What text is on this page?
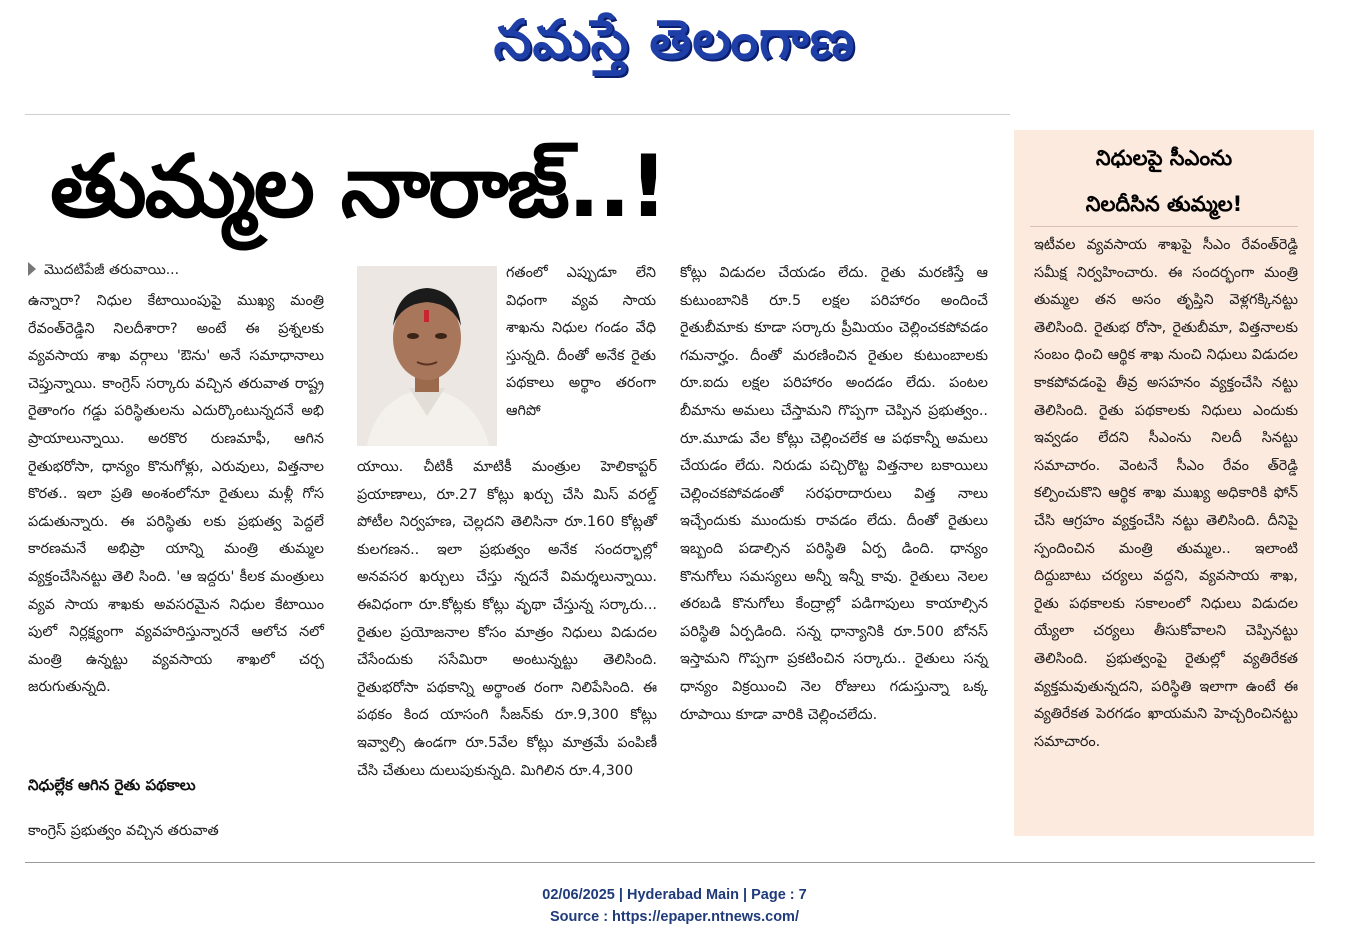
నమస్తే తెలంగాణ
తుమ్మల నారాజ్‌..!
మొదటిపేజీ తరువాయి...

ఉన్నారా? నిధుల కేటాయింపుపై ముఖ్య మంత్రి రేవంత్‌రెడ్డిని నిలదీశారా? అంటే ఈ ప్రశ్నలకు వ్యవసాయ శాఖ వర్గాలు 'ఔను' అనే సమాధానాలు చెప్తున్నాయి. కాంగ్రెస్‌ సర్కారు వచ్చిన తరువాత రాష్ట్ర రైతాంగం గడ్డు పరిస్థితులను ఎదుర్కొంటున్నదనే అభి ప్రాయాలున్నాయి. అరకొర రుణమాఫీ, ఆగిన రైతుభరోసా, ధాన్యం కొనుగోళ్లు, ఎరువులు, విత్తనాల కొరత.. ఇలా ప్రతి అంశంలోనూ రైతులు మళ్లీ గోస పడుతున్నారు. ఈ పరిస్థితు లకు ప్రభుత్వ పెద్దలే కారణమనే అభిప్రా యాన్ని మంత్రి తుమ్మల వ్యక్తంచేసినట్టు తెలి సింది. 'ఆ ఇద్దరు' కీలక మంత్రులు వ్యవ సాయ శాఖకు అవసరమైన నిధుల కేటాయిం పులో నిర్లక్ష్యంగా వ్యవహరిస్తున్నారనే ఆలోచ నలో మంత్రి ఉన్నట్టు వ్యవసాయ శాఖలో చర్చ జరుగుతున్నది.

నిధుల్లేక ఆగిన రైతు పథకాలు

కాంగ్రెస్‌ ప్రభుత్వం వచ్చిన తరువాత

గతంలో ఎప్పుడూ లేని విధంగా వ్యవ సాయ శాఖను నిధుల గండం వేధి స్తున్నది. దీంతో అనేక రైతు పథకాలు అర్థాం తరంగా ఆగిపో

యాయి. చీటికీ మాటికీ మంత్రుల హెలికాప్టర్‌ ప్రయాణాలు, రూ.27 కోట్లు ఖర్చు చేసి మిస్‌ వరల్డ్‌ పోటీల నిర్వహణ, చెల్లదని తెలిసినా రూ.160 కోట్లతో కులగణన.. ఇలా ప్రభుత్వం అనేక సందర్భాల్లో అనవసర ఖర్చులు చేస్తు న్నదనే విమర్శలున్నాయి. ఈవిధంగా రూ.కోట్లకు కోట్లు వృథా చేస్తున్న సర్కారు... రైతుల ప్రయోజనాల కోసం మాత్రం నిధులు విడుదల చేసేందుకు ససేమిరా అంటున్నట్టు తెలిసింది. రైతుభరోసా పథకాన్ని అర్థాంత రంగా నిలిపేసింది. ఈ పథకం కింద యాసంగి సీజన్‌కు రూ.9,300 కోట్లు ఇవ్వాల్సి ఉండగా రూ.5వేల కోట్లు మాత్రమే పంపిణీ చేసి చేతులు దులుపుకున్నది. మిగిలిన రూ.4,300

కోట్లు విడుదల చేయడం లేదు. రైతు మరణిస్తే ఆ కుటుంబానికి రూ.5 లక్షల పరిహారం అందించే రైతుబీమాకు కూడా సర్కారు ప్రీమియం చెల్లించకపోవడం గమనార్హం. దీంతో మరణించిన రైతుల కుటుంబాలకు రూ.ఐదు లక్షల పరిహారం అందడం లేదు. పంటల బీమాను అమలు చేస్తామని గొప్పగా చెప్పిన ప్రభుత్వం.. రూ.మూడు వేల కోట్లు చెల్లించలేక ఆ పథకాన్నీ అమలు చేయడం లేదు. నిరుడు పచ్చిరొట్ట విత్తనాల బకాయిలు చెల్లించకపోవడంతో సరఫరాదారులు విత్త నాలు ఇచ్చేందుకు ముందుకు రావడం లేదు. దీంతో రైతులు ఇబ్బంది పడాల్సిన పరిస్థితి ఏర్ప డింది. ధాన్యం కొనుగోలు సమస్యలు అన్నీ ఇన్నీ కావు. రైతులు నెలల తరబడి కొనుగోలు కేంద్రాల్లో పడిగాపులు కాయాల్సిన పరిస్థితి ఏర్పడింది. సన్న ధాన్యానికి రూ.500 బోనస్‌ ఇస్తామని గొప్పగా ప్రకటించిన సర్కారు.. రైతులు సన్న ధాన్యం విక్రయించి నెల రోజులు గడుస్తున్నా ఒక్క రూపాయి కూడా వారికి చెల్లించలేదు.

నిధులపై సీఎంను
నిలదీసిన తుమ్మల!

ఇటీవల వ్యవసాయ శాఖపై సీఎం రేవంత్‌రెడ్డి సమీక్ష నిర్వహించారు. ఈ సందర్భంగా మంత్రి తుమ్మల తన అసం తృప్తిని వెళ్లగక్కినట్టు తెలిసింది. రైతుభ రోసా, రైతుబీమా, విత్తనాలకు సంబం ధించి ఆర్థిక శాఖ నుంచి నిధులు విడుదల కాకపోవడంపై తీవ్ర అసహనం వ్యక్తంచేసి నట్టు తెలిసింది. రైతు పథకాలకు నిధులు ఎందుకు ఇవ్వడం లేదని సీఎంను నిలదీ సినట్టు సమాచారం. వెంటనే సీఎం రేవం త్‌రెడ్డి కల్పించుకొని ఆర్థిక శాఖ ముఖ్య అధికారికి ఫోన్‌ చేసి ఆగ్రహం వ్యక్తంచేసి నట్టు తెలిసింది. దీనిపై స్పందించిన మంత్రి తుమ్మల.. ఇలాంటి దిద్దుబాటు చర్యలు వద్దని, వ్యవసాయ శాఖ, రైతు పథకాలకు సకాలంలో నిధులు విడుదల య్యేలా చర్యలు తీసుకోవాలని చెప్పినట్టు తెలిసింది. ప్రభుత్వంపై రైతుల్లో వ్యతిరేకత వ్యక్తమవుతున్నదని, పరిస్థితి ఇలాగా ఉంటే ఈ వ్యతిరేకత పెరగడం ఖాయమని హెచ్చరించినట్టు సమాచారం.

02/06/2025 | Hyderabad Main | Page : 7
Source : https://epaper.ntnews.com/
